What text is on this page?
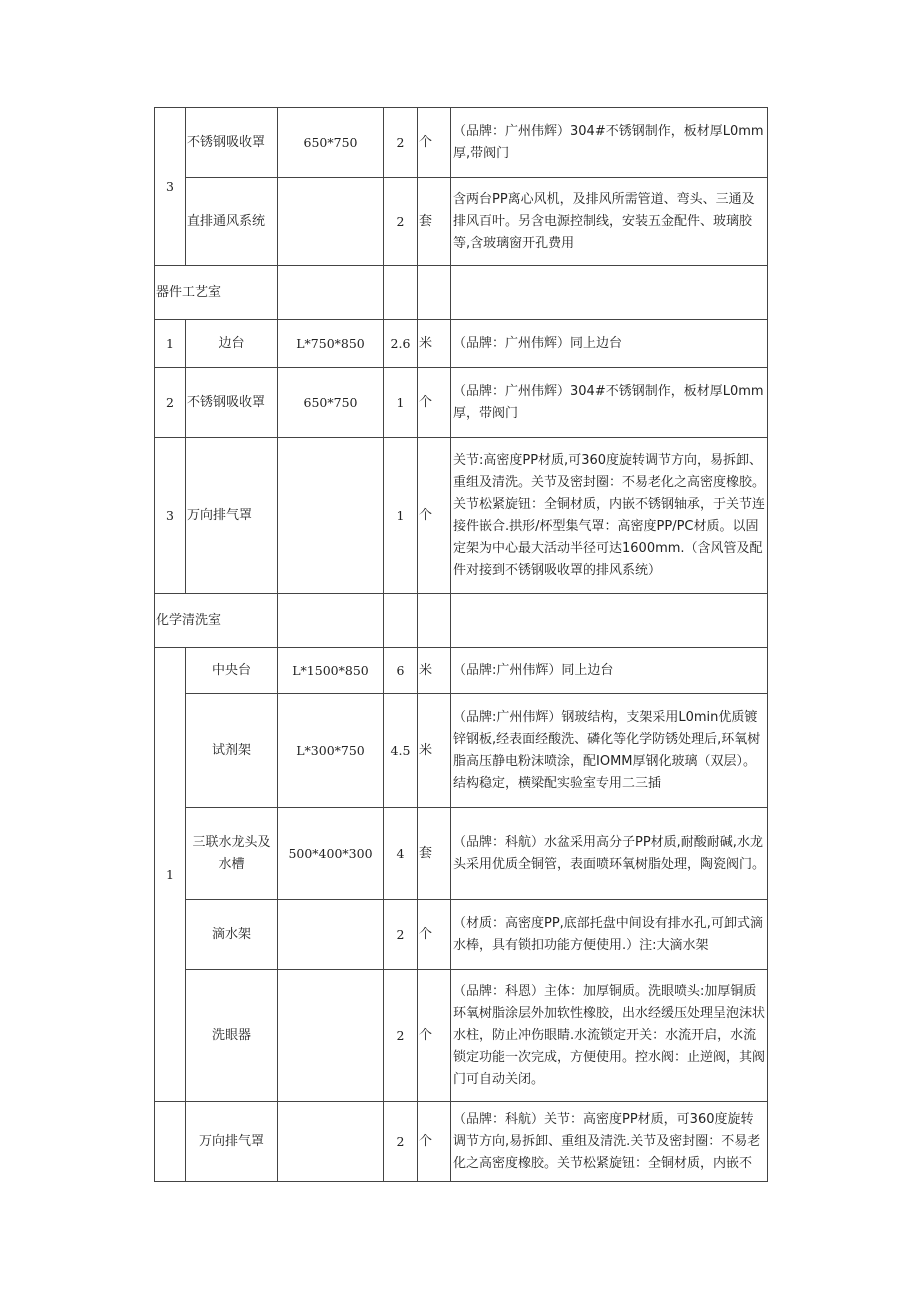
3	不锈钢吸收罩	650*750	2	个	（品牌：广州伟辉）304#不锈钢制作，板材厚L0mm厚,带阀门
	直排通风系统		2	套	含两台PP离心风机，及排风所需管道、弯头、三通及排风百叶。另含电源控制线，安装五金配件、玻璃胶等,含玻璃窗开孔费用
器件工艺室					
1	边台	L*750*850	2.6	米	（品牌：广州伟辉）同上边台
2	不锈钢吸收罩	650*750	1	个	（品牌：广州伟辉）304#不锈钢制作，板材厚L0mm厚，带阀门
3	万向排气罩		1	个	关节:高密度PP材质,可360度旋转调节方向，易拆卸、重组及清洗。关节及密封圈：不易老化之高密度橡胶。关节松紧旋钮：全铜材质，内嵌不锈钢轴承，于关节连接件嵌合.拱形/杯型集气罩：高密度PP/PC材质。以固定架为中心最大活动半径可达1600mm.（含风管及配件对接到不锈钢吸收罩的排风系统）
化学清洗室					
1	中央台	L*1500*850	6	米	（品牌:广州伟辉）同上边台
	试剂架	L*300*750	4.5	米	（品牌:广州伟辉）钢玻结构，支架采用L0min优质镀锌钢板,经表面经酸洗、磷化等化学防锈处理后,环氧树脂高压静电粉沫喷涂，配IOMM厚钢化玻璃（双层）。结构稳定，横梁配实验室专用二三插
	三联水龙头及水槽	500*400*300	4	套	（品牌：科航）水盆采用高分子PP材质,耐酸耐碱,水龙头采用优质全铜管，表面喷环氧树脂处理，陶瓷阀门。
	滴水架		2	个	（材质：高密度PP,底部托盘中间设有排水孔,可卸式滴水棒，具有锁扣功能方便使用.）注:大滴水架
	洗眼器		2	个	（品牌：科恩）主体：加厚铜质。洗眼喷头:加厚铜质环氧树脂涂层外加软性橡胶，出水经缓压处理呈泡沫状水柱，防止冲伤眼睛.水流锁定开关：水流开启，水流锁定功能一次完成，方便使用。控水阀：止逆阀，其阀门可自动关闭。
	万向排气罩		2	个	（品牌：科航）关节：高密度PP材质，可360度旋转调节方向,易拆卸、重组及清洗.关节及密封圈：不易老化之高密度橡胶。关节松紧旋钮：全铜材质，内嵌不
